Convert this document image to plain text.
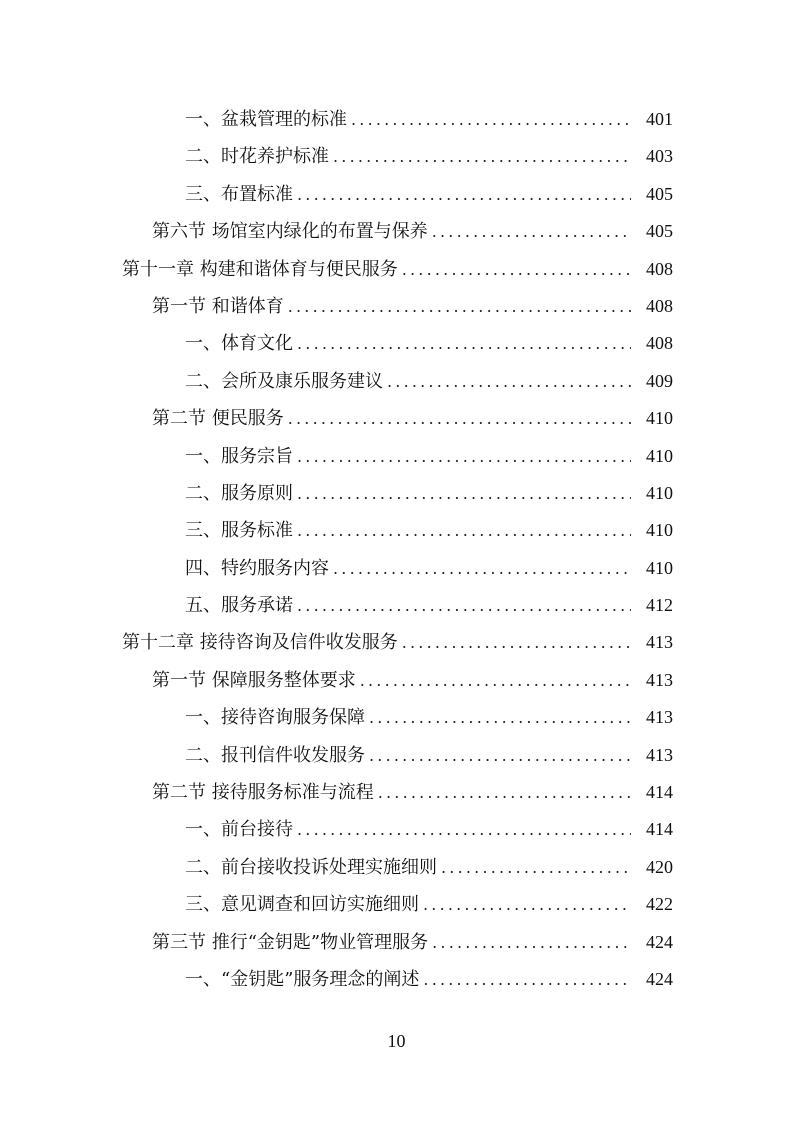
一、盆栽管理的标准 .....	401
二、时花养护标准 .....	403
三、布置标准 .....	405
第六节 场馆室内绿化的布置与保养 .....	405
第十一章 构建和谐体育与便民服务 .....	408
第一节 和谐体育 .....	408
一、体育文化 .....	408
二、会所及康乐服务建议 .....	409
第二节 便民服务 .....	410
一、服务宗旨 .....	410
二、服务原则 .....	410
三、服务标准 .....	410
四、特约服务内容 .....	410
五、服务承诺 .....	412
第十二章 接待咨询及信件收发服务 .....	413
第一节 保障服务整体要求 .....	413
一、接待咨询服务保障 .....	413
二、报刊信件收发服务 .....	413
第二节 接待服务标准与流程 .....	414
一、前台接待 .....	414
二、前台接收投诉处理实施细则 .....	420
三、意见调查和回访实施细则 .....	422
第三节 推行“金钥匙”物业管理服务 .....	424
一、“金钥匙”服务理念的阐述 .....	424
10
